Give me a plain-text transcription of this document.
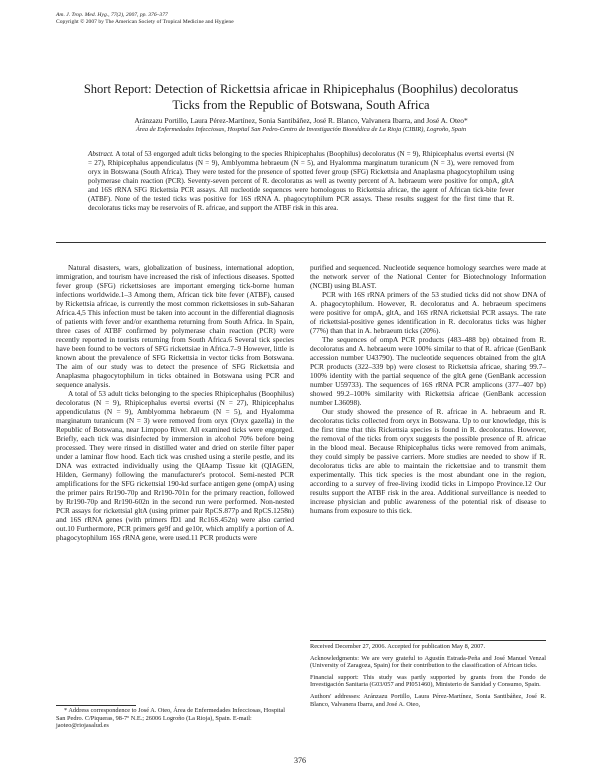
Am. J. Trop. Med. Hyg., 77(2), 2007, pp. 376–377
Copyright © 2007 by The American Society of Tropical Medicine and Hygiene
Short Report: Detection of Rickettsia africae in Rhipicephalus (Boophilus) decoloratus
Ticks from the Republic of Botswana, South Africa
Aránzazu Portillo, Laura Pérez-Martínez, Sonia Santibáñez, José R. Blanco, Valvanera Ibarra, and José A. Oteo*
Área de Enfermedades Infecciosas, Hospital San Pedro-Centro de Investigación Biomédica de La Rioja (CIBIR), Logroño, Spain
Abstract. A total of 53 engorged adult ticks belonging to the species Rhipicephalus (Boophilus) decoloratus (N = 9), Rhipicephalus evertsi evertsi (N = 27), Rhipicephalus appendiculatus (N = 9), Amblyomma hebraeum (N = 5), and Hyalomma marginatum turanicum (N = 3), were removed from oryx in Botswana (South Africa). They were tested for the presence of spotted fever group (SFG) Rickettsia and Anaplasma phagocytophilum using polymerase chain reaction (PCR). Seventy-seven percent of R. decoloratus as well as twenty percent of A. hebraeum were positive for ompA, gltA and 16S rRNA SFG Rickettsia PCR assays. All nucleotide sequences were homologous to Rickettsia africae, the agent of African tick-bite fever (ATBF). None of the tested ticks was positive for 16S rRNA A. phagocytophilum PCR assays. These results suggest for the first time that R. decoloratus ticks may be reservoirs of R. africae, and support the ATBF risk in this area.

Natural disasters, wars, globalization of business, international adoption, immigration, and tourism have increased the risk of infectious diseases. Spotted fever group (SFG) rickettsioses are important emerging tick-borne human infections worldwide.1–3 Among them, African tick bite fever (ATBF), caused by Rickettsia africae, is currently the most common rickettsioses in sub-Saharan Africa.4,5 This infection must be taken into account in the differential diagnosis of patients with fever and/or exanthema returning from South Africa. In Spain, three cases of ATBF confirmed by polymerase chain reaction (PCR) were recently reported in tourists returning from South Africa.6 Several tick species have been found to be vectors of SFG rickettsiae in Africa.7–9 However, little is known about the prevalence of SFG Rickettsia in vector ticks from Botswana. The aim of our study was to detect the presence of SFG Rickettsia and Anaplasma phagocytophilum in ticks obtained in Botswana using PCR and sequence analysis.

A total of 53 adult ticks belonging to the species Rhipicephalus (Boophilus) decoloratus (N = 9), Rhipicephalus evertsi evertsi (N = 27), Rhipicephalus appendiculatus (N = 9), Amblyomma hebraeum (N = 5), and Hyalomma marginatum turanicum (N = 3) were removed from oryx (Oryx gazella) in the Republic of Botswana, near Limpopo River. All examined ticks were engorged. Briefly, each tick was disinfected by immersion in alcohol 70% before being processed. They were rinsed in distilled water and dried on sterile filter paper under a laminar flow hood. Each tick was crushed using a sterile pestle, and its DNA was extracted individually using the QIAamp Tissue kit (QIAGEN, Hilden, Germany) following the manufacturer's protocol. Semi-nested PCR amplifications for the SFG rickettsial 190-kd surface antigen gene (ompA) using the primer pairs Rr190-70p and Rr190-701n for the primary reaction, followed by Rr190-70p and Rr190-602n in the second run were performed. Non-nested PCR assays for rickettsial gltA (using primer pair RpCS.877p and RpCS.1258n) and 16S rRNA genes (with primers fD1 and Rc16S.452n) were also carried out.10 Furthermore, PCR primers ge9f and ge10r, which amplify a portion of A. phagocytophilum 16S rRNA gene, were used.11 PCR products were

purified and sequenced. Nucleotide sequence homology searches were made at the network server of the National Center for Biotechnology Information (NCBI) using BLAST.

PCR with 16S rRNA primers of the 53 studied ticks did not show DNA of A. phagocytophilum. However, R. decoloratus and A. hebraeum specimens were positive for ompA, gltA, and 16S rRNA rickettsial PCR assays. The rate of rickettsial-positive genes identification in R. decoloratus ticks was higher (77%) than that in A. hebraeum ticks (20%).

The sequences of ompA PCR products (483–488 bp) obtained from R. decoloratus and A. hebraeum were 100% similar to that of R. africae (GenBank accession number U43790). The nucleotide sequences obtained from the gltA PCR products (322–339 bp) were closest to Rickettsia africae, sharing 99.7–100% identity with the partial sequence of the gltA gene (GenBank accession number U59733). The sequences of 16S rRNA PCR amplicons (377–407 bp) showed 99.2–100% similarity with Rickettsia africae (GenBank accession number L36098).

Our study showed the presence of R. africae in A. hebraeum and R. decoloratus ticks collected from oryx in Botswana. Up to our knowledge, this is the first time that this Rickettsia species is found in R. decoloratus. However, the removal of the ticks from oryx suggests the possible presence of R. africae in the blood meal. Because Rhipicephalus ticks were removed from animals, they could simply be passive carriers. More studies are needed to show if R. decoloratus ticks are able to maintain the rickettsiae and to transmit them experimentally. This tick species is the most abundant one in the region, according to a survey of free-living ixodid ticks in Limpopo Province.12 Our results support the ATBF risk in the area. Additional surveillance is needed to increase physician and public awareness of the potential risk of disease to humans from exposure to this tick.

Received December 27, 2006. Accepted for publication May 8, 2007.

Acknowledgments: We are very grateful to Agustín Estrada-Peña and José Manuel Venzal (University of Zaragoza, Spain) for their contribution to the classification of African ticks.

Financial support: This study was partly supported by grants from the Fondo de Investigación Sanitaria (G03/057 and PI051460), Ministerio de Sanidad y Consumo, Spain.

Authors' addresses: Aránzazu Portillo, Laura Pérez-Martínez, Sonia Santibáñez, José R. Blanco, Valvanera Ibarra, and José A. Oteo,

* Address correspondence to José A. Oteo, Área de Enfermedades Infecciosas, Hospital San Pedro. C/Piqueras, 98-7º N.E.; 26006 Logroño (La Rioja), Spain. E-mail: jaoteo@riojasalud.es

376
